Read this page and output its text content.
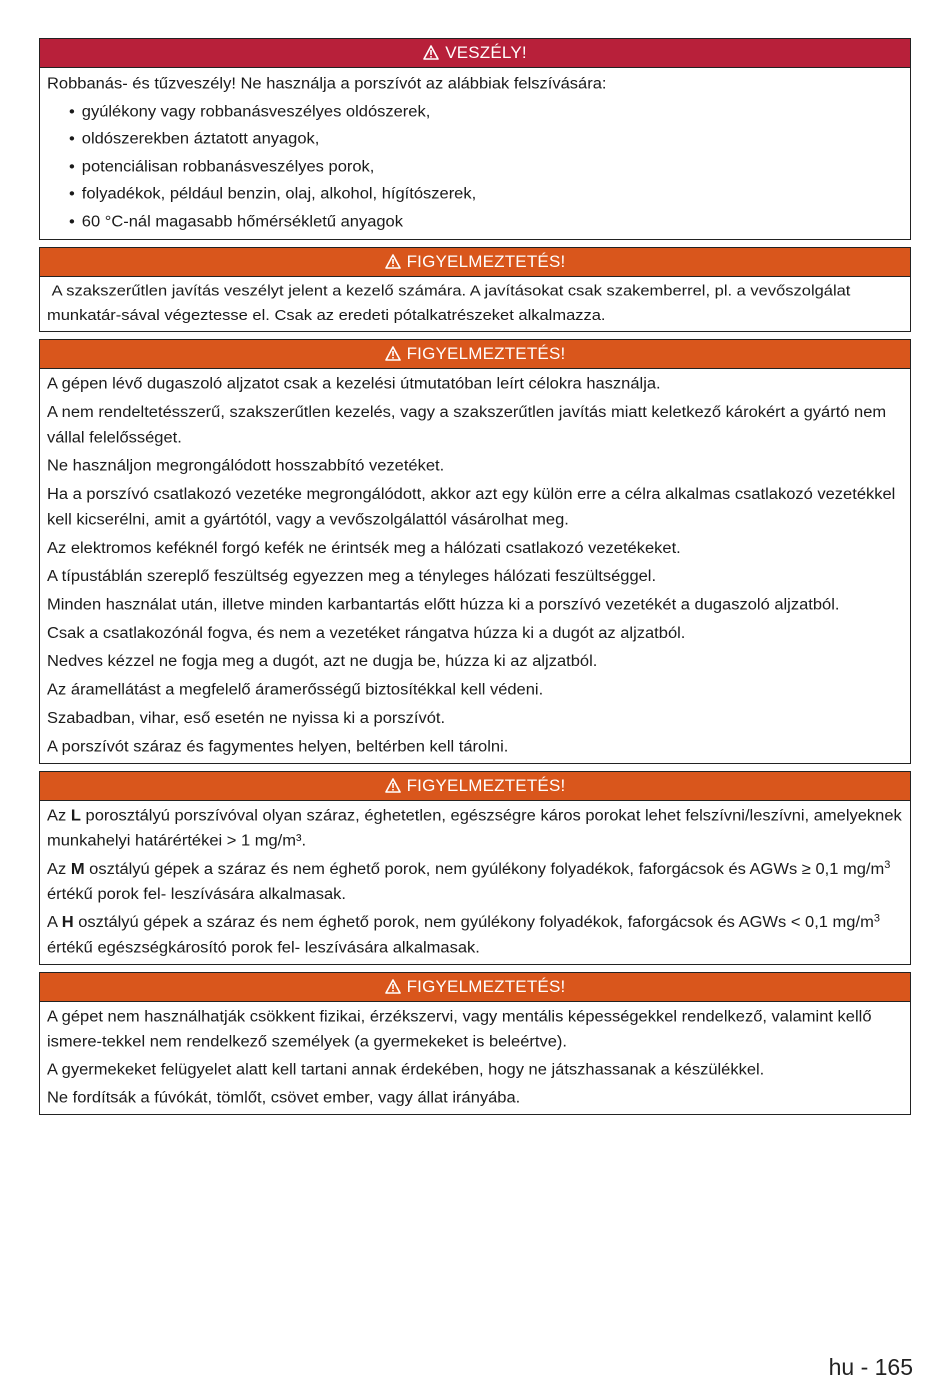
VESZÉLY!

Robbanás- és tűzveszély! Ne használja a porszívót az alábbiak felszívására:

• gyúlékony vagy robbanásveszélyes oldószerek,
• oldószerekben áztatott anyagok,
• potenciálisan robbanásveszélyes porok,
• folyadékok, például benzin, olaj, alkohol, hígítószerek,
• 60 °C-nál magasabb hőmérsékletű anyagok
FIGYELMEZTETÉS!

A szakszerűtlen javítás veszélyt jelent a kezelő számára. A javításokat csak szakemberrel, pl. a vevőszolgálat munkatár-sával végeztesse el. Csak az eredeti pótalkatrészeket alkalmazza.

FIGYELMEZTETÉS!

A gépen lévő dugaszoló aljzatot csak a kezelési útmutatóban leírt célokra használja.

A nem rendeltetésszerű, szakszerűtlen kezelés, vagy a szakszerűtlen javítás miatt keletkező károkért a gyártó nem vállal felelősséget.

Ne használjon megrongálódott hosszabbító vezetéket.

Ha a porszívó csatlakozó vezetéke megrongálódott, akkor azt egy külön erre a célra alkalmas csatlakozó vezetékkel kell kicserélni, amit a gyártótól, vagy a vevőszolgálattól vásárolhat meg.

Az elektromos keféknél forgó kefék ne érintsék meg a hálózati csatlakozó vezetékeket.

A típustáblán szereplő feszültség egyezzen meg a tényleges hálózati feszültséggel.

Minden használat után, illetve minden karbantartás előtt húzza ki a porszívó vezetékét a dugaszoló aljzatból.

Csak a csatlakozónál fogva, és nem a vezetéket rángatva húzza ki a dugót az aljzatból.

Nedves kézzel ne fogja meg a dugót, azt ne dugja be, húzza ki az aljzatból.

Az áramellátást a megfelelő áramerősségű biztosítékkal kell védeni.

Szabadban, vihar, eső esetén ne nyissa ki a porszívót.

A porszívót száraz és fagymentes helyen, beltérben kell tárolni.

FIGYELMEZTETÉS!

Az L porosztályú porszívóval olyan száraz, éghetetlen, egészségre káros porokat lehet felszívni/leszívni, amelyeknek munkahelyi határértékei > 1 mg/m³.

Az M osztályú gépek a száraz és nem éghető porok, nem gyúlékony folyadékok, faforgácsok és AGWs ≥ 0,1 $mg/m^3$ értékű porok fel- leszívására alkalmasak.

A H osztályú gépek a száraz és nem éghető porok, nem gyúlékony folyadékok, faforgácsok és AGWs < 0,1 $mg/m^3$ értékű egészségkárosító porok fel- leszívására alkalmasak.

FIGYELMEZTETÉS!

A gépet nem használhatják csökkent fizikai, érzékszervi, vagy mentális képességekkel rendelkező, valamint kellő ismere-tekkel nem rendelkező személyek (a gyermekeket is beleértve).

A gyermekeket felügyelet alatt kell tartani annak érdekében, hogy ne játszhassanak a készülékkel.

Ne fordítsák a fúvókát, tömlőt, csövet ember, vagy állat irányába.

hu - 165
